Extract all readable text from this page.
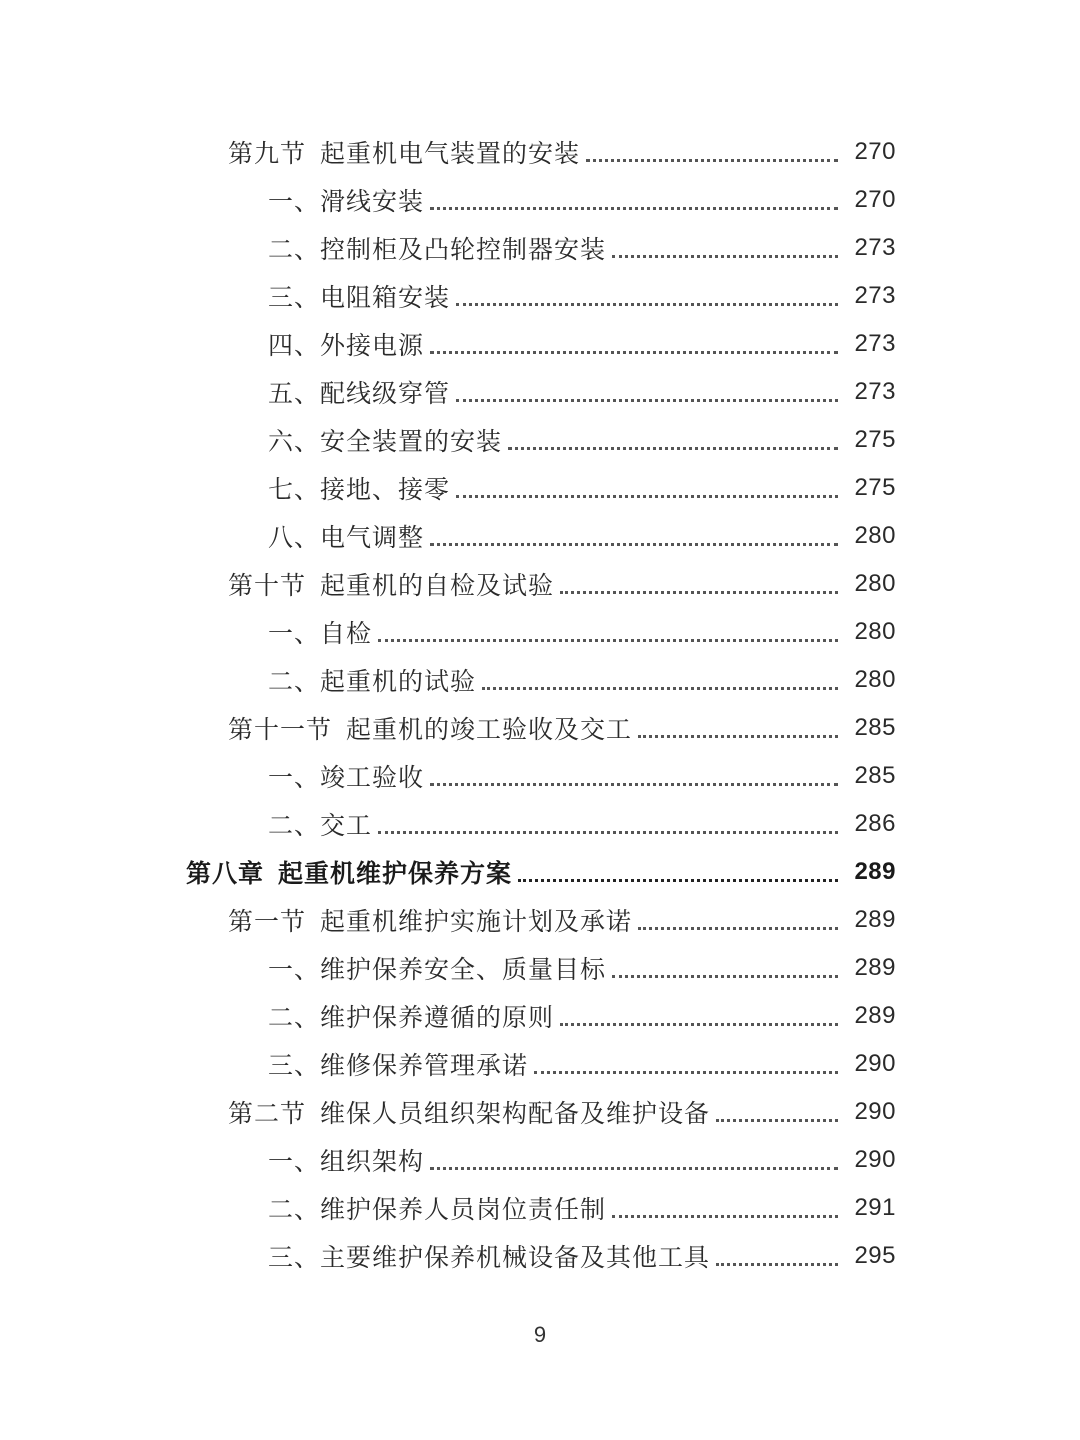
第九节 起重机电气装置的安装	270
一、 滑线安装	270
二、 控制柜及凸轮控制器安装	273
三、 电阻箱安装	273
四、 外接电源	273
五、 配线级穿管	273
六、 安全装置的安装	275
七、 接地、接零	275
八、 电气调整	280
第十节 起重机的自检及试验	280
一、 自检	280
二、 起重机的试验	280
第十一节 起重机的竣工验收及交工	285
一、 竣工验收	285
二、 交工	286
第八章 起重机维护保养方案	289
第一节 起重机维护实施计划及承诺	289
一、 维护保养安全、质量目标	289
二、 维护保养遵循的原则	289
三、 维修保养管理承诺	290
第二节 维保人员组织架构配备及维护设备	290
一、 组织架构	290
二、 维护保养人员岗位责任制	291
三、 主要维护保养机械设备及其他工具	295
9
